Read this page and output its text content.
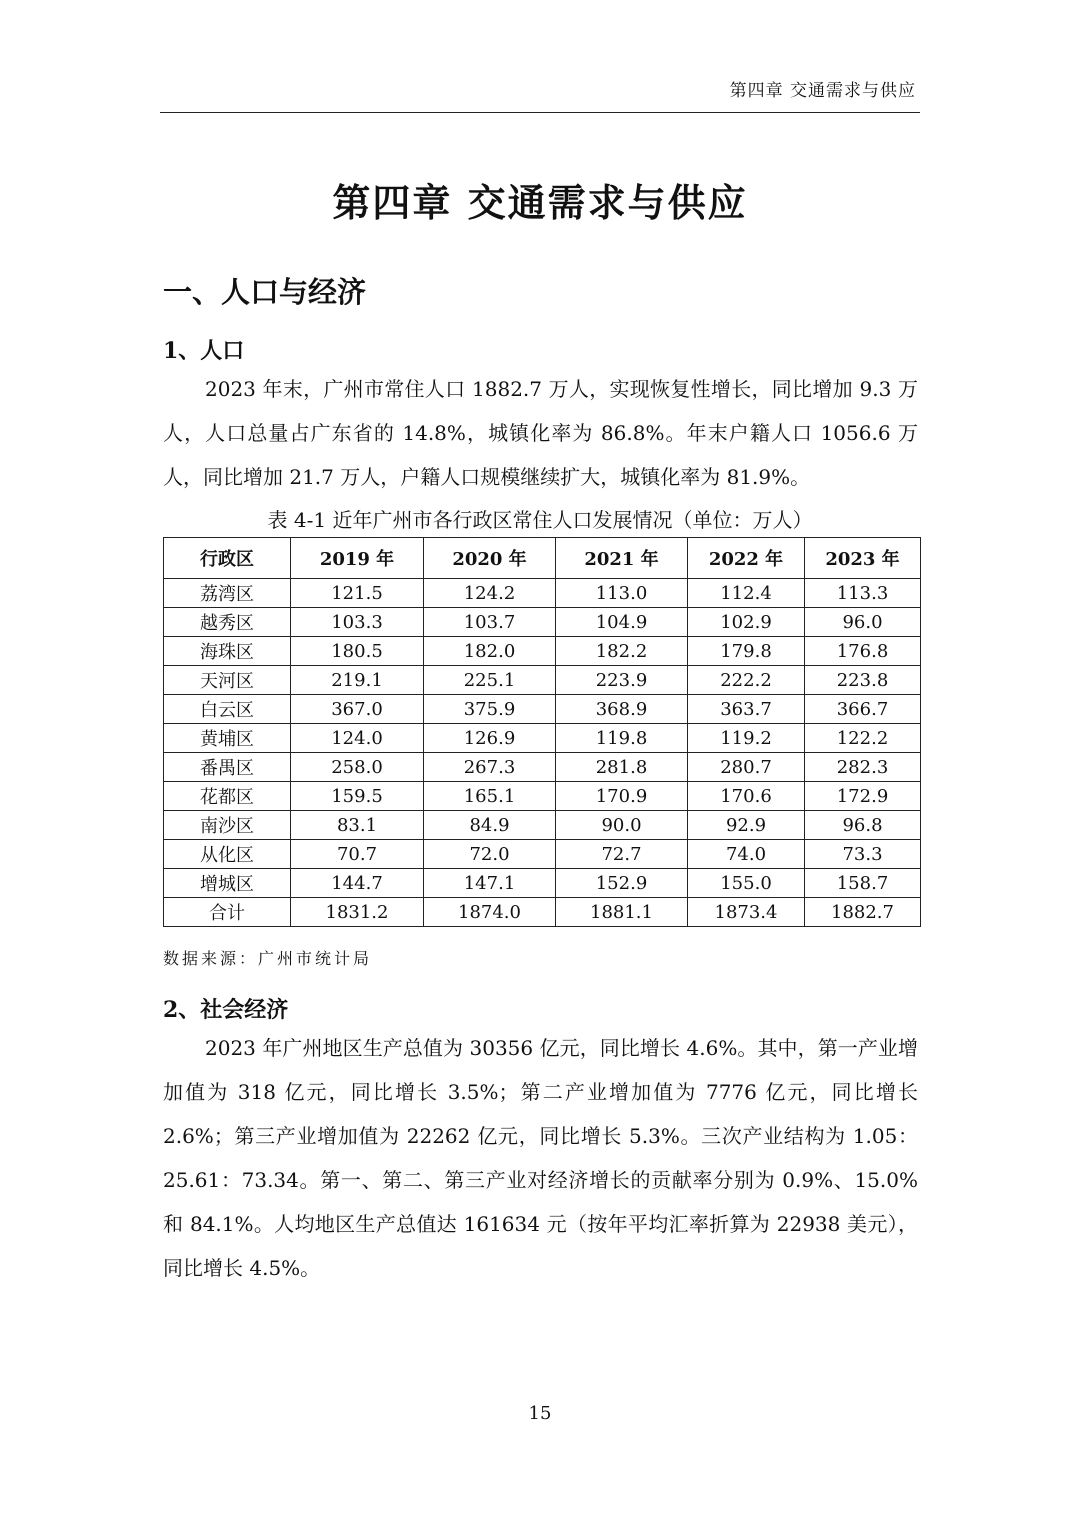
第四章 交通需求与供应
第四章 交通需求与供应
一、人口与经济
1、人口

2023 年末，广州市常住人口 1882.7 万人，实现恢复性增长，同比增加 9.3 万人，人口总量占广东省的 14.8%，城镇化率为 86.8%。年末户籍人口 1056.6 万人，同比增加 21.7 万人，户籍人口规模继续扩大，城镇化率为 81.9%。

表 4-1 近年广州市各行政区常住人口发展情况（单位：万人）
行政区	2019 年	2020 年	2021 年	2022 年	2023 年
荔湾区	121.5	124.2	113.0	112.4	113.3
越秀区	103.3	103.7	104.9	102.9	96.0
海珠区	180.5	182.0	182.2	179.8	176.8
天河区	219.1	225.1	223.9	222.2	223.8
白云区	367.0	375.9	368.9	363.7	366.7
黄埔区	124.0	126.9	119.8	119.2	122.2
番禺区	258.0	267.3	281.8	280.7	282.3
花都区	159.5	165.1	170.9	170.6	172.9
南沙区	83.1	84.9	90.0	92.9	96.8
从化区	70.7	72.0	72.7	74.0	73.3
增城区	144.7	147.1	152.9	155.0	158.7
合计	1831.2	1874.0	1881.1	1873.4	1882.7
数据来源：广州市统计局
2、社会经济

2023 年广州地区生产总值为 30356 亿元，同比增长 4.6%。其中，第一产业增加值为 318 亿元，同比增长 3.5%；第二产业增加值为 7776 亿元，同比增长 2.6%；第三产业增加值为 22262 亿元，同比增长 5.3%。三次产业结构为 1.05：25.61：73.34。第一、第二、第三产业对经济增长的贡献率分别为 0.9%、15.0%和 84.1%。人均地区生产总值达 161634 元（按年平均汇率折算为 22938 美元），同比增长 4.5%。

15
